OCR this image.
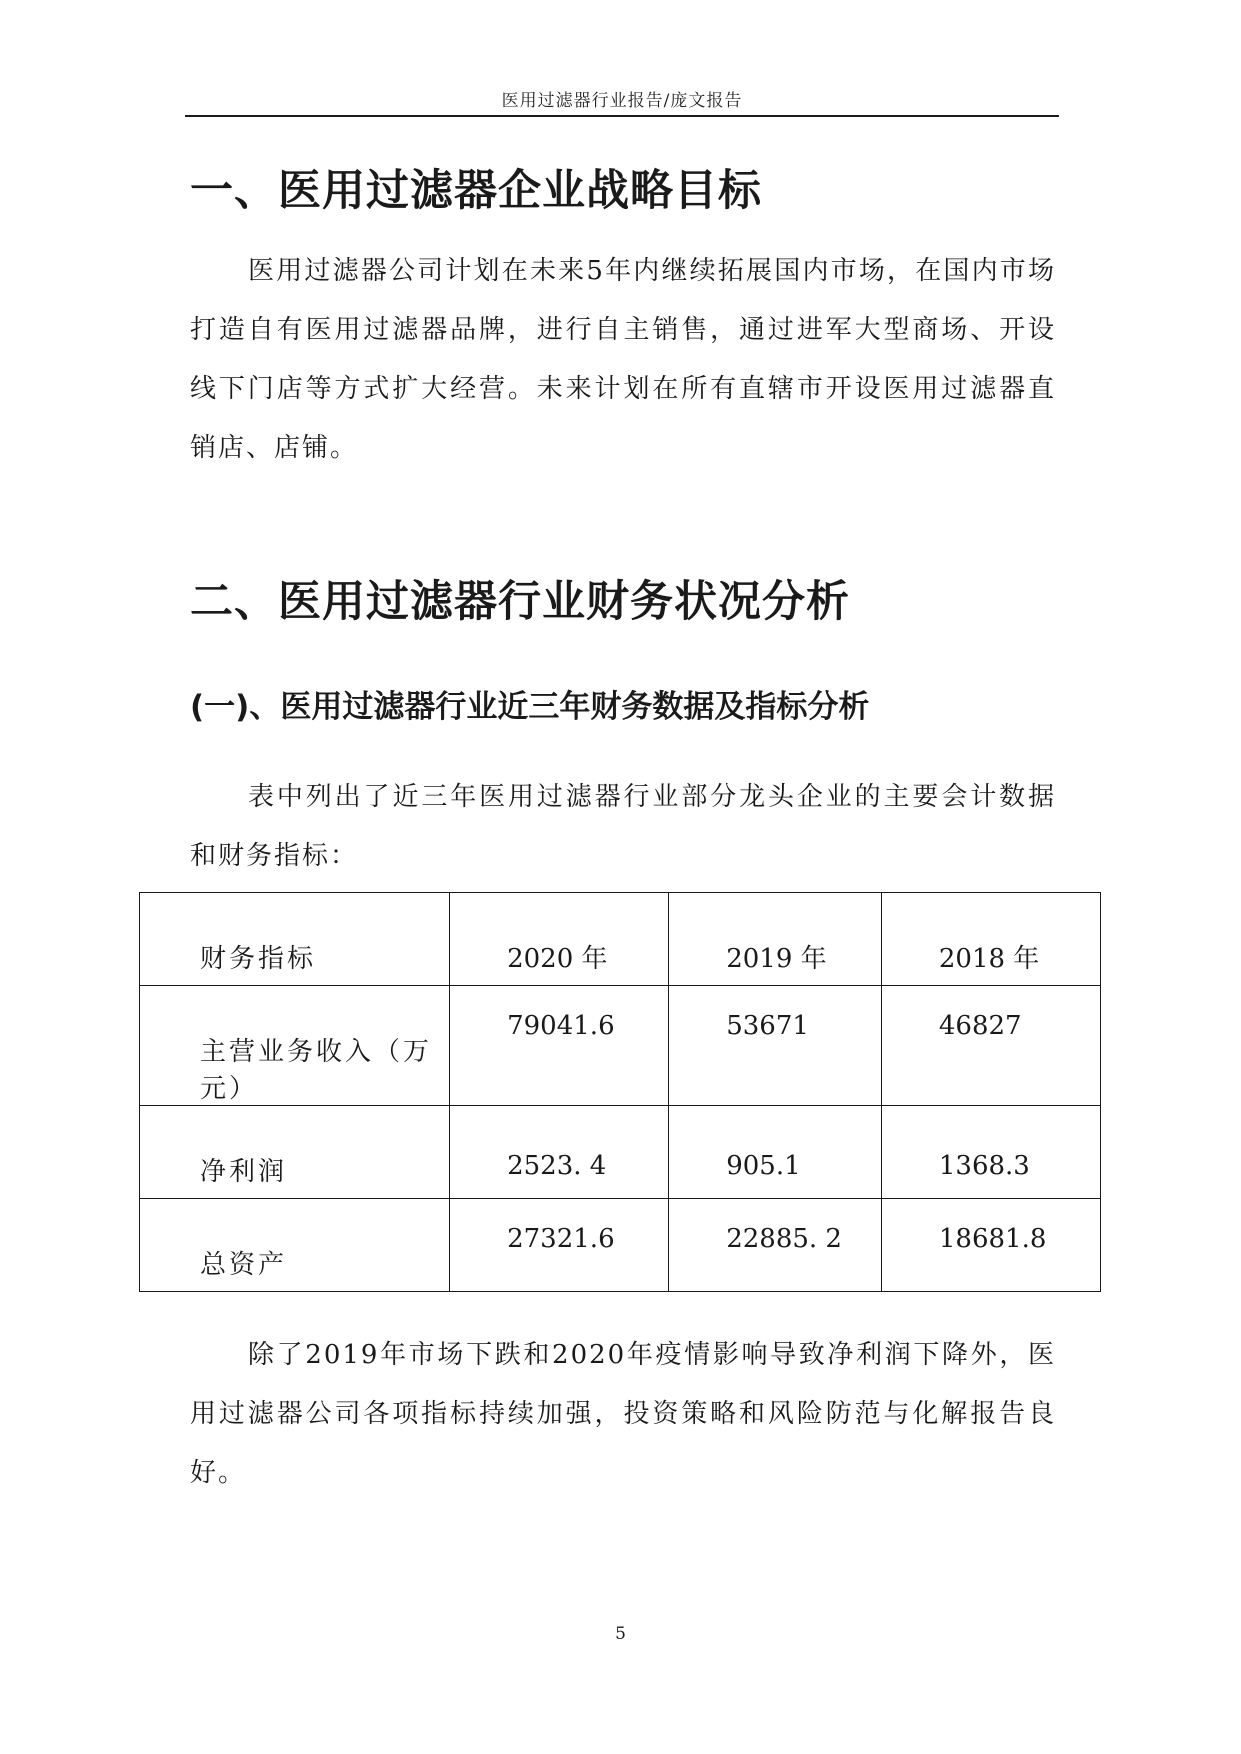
医用过滤器行业报告/庞文报告
一、医用过滤器企业战略目标

医用过滤器公司计划在未来5年内继续拓展国内市场，在国内市场打造自有医用过滤器品牌，进行自主销售，通过进军大型商场、开设线下门店等方式扩大经营。未来计划在所有直辖市开设医用过滤器直销店、店铺。

二、医用过滤器行业财务状况分析
(一)、医用过滤器行业近三年财务数据及指标分析

表中列出了近三年医用过滤器行业部分龙头企业的主要会计数据和财务指标：

财务指标	2020 年	2019 年	2018 年

主营业务收入（万元）	79041.6	53671	46827

净利润	2523. 4	905.1	1368.3

总资产	27321.6	22885. 2	18681.8

除了2019年市场下跌和2020年疫情影响导致净利润下降外，医用过滤器公司各项指标持续加强，投资策略和风险防范与化解报告良好。

5
